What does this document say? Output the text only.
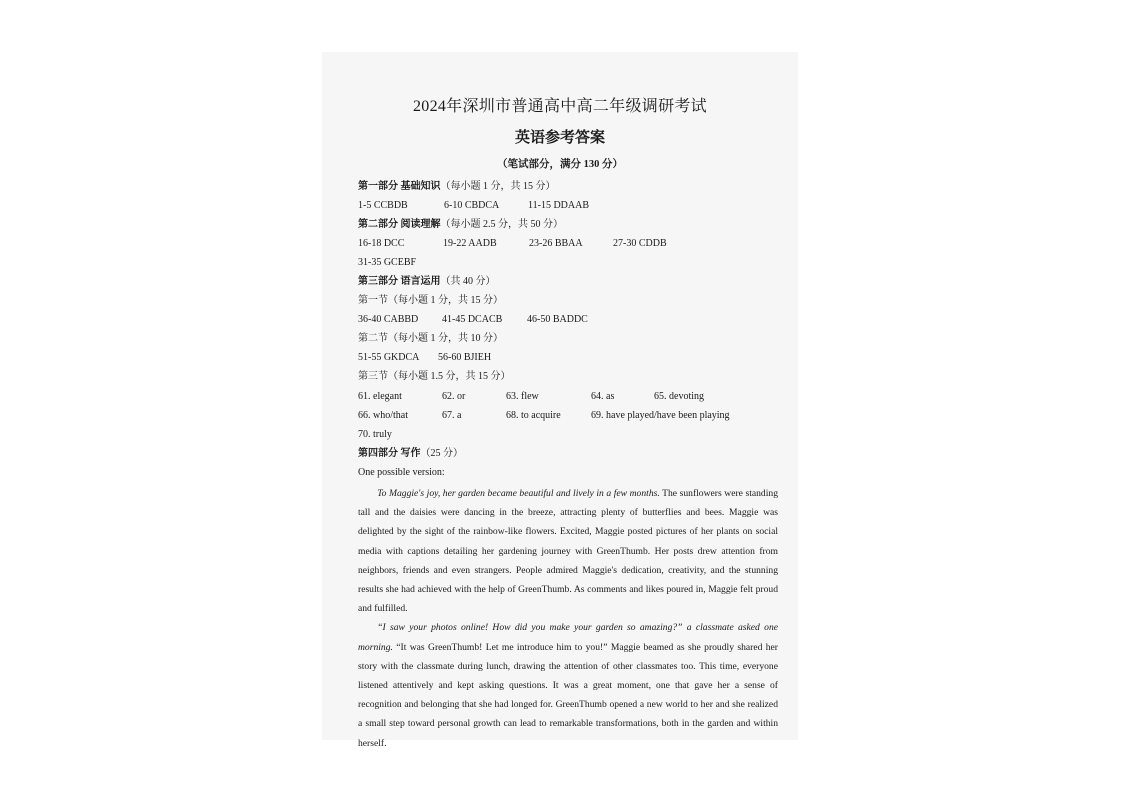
2024年深圳市普通高中高二年级调研考试
英语参考答案
（笔试部分，满分 130 分）
第一部分 基础知识（每小题 1 分，共 15 分）
1-5 CCBDB	6-10 CBDCA	11-15 DDAAB
第二部分 阅读理解（每小题 2.5 分，共 50 分）
16-18 DCC	19-22 AADB	23-26 BBAA	27-30 CDDB
31-35 GCEBF
第三部分 语言运用（共 40 分）
第一节（每小题 1 分，共 15 分）
36-40 CABBD 41-45 DCACB 46-50 BADDC
第二节（每小题 1 分，共 10 分）
51-55 GKDCA 56-60 BJIEH
第三节（每小题 1.5 分，共 15 分）
61. elegant	62. or	63. flew	64. as	65. devoting
66. who/that	67. a	68. to acquire	69. have played/have been playing
70. truly
第四部分 写作（25 分）
One possible version:

To Maggie's joy, her garden became beautiful and lively in a few months. The sunflowers were standing tall and the daisies were dancing in the breeze, attracting plenty of butterflies and bees. Maggie was delighted by the sight of the rainbow-like flowers. Excited, Maggie posted pictures of her plants on social media with captions detailing her gardening journey with GreenThumb. Her posts drew attention from neighbors, friends and even strangers. People admired Maggie's dedication, creativity, and the stunning results she had achieved with the help of GreenThumb. As comments and likes poured in, Maggie felt proud and fulfilled.

“I saw your photos online! How did you make your garden so amazing?” a classmate asked one morning. “It was GreenThumb! Let me introduce him to you!” Maggie beamed as she proudly shared her story with the classmate during lunch, drawing the attention of other classmates too. This time, everyone listened attentively and kept asking questions. It was a great moment, one that gave her a sense of recognition and belonging that she had longed for. GreenThumb opened a new world to her and she realized a small step toward personal growth can lead to remarkable transformations, both in the garden and within herself.
